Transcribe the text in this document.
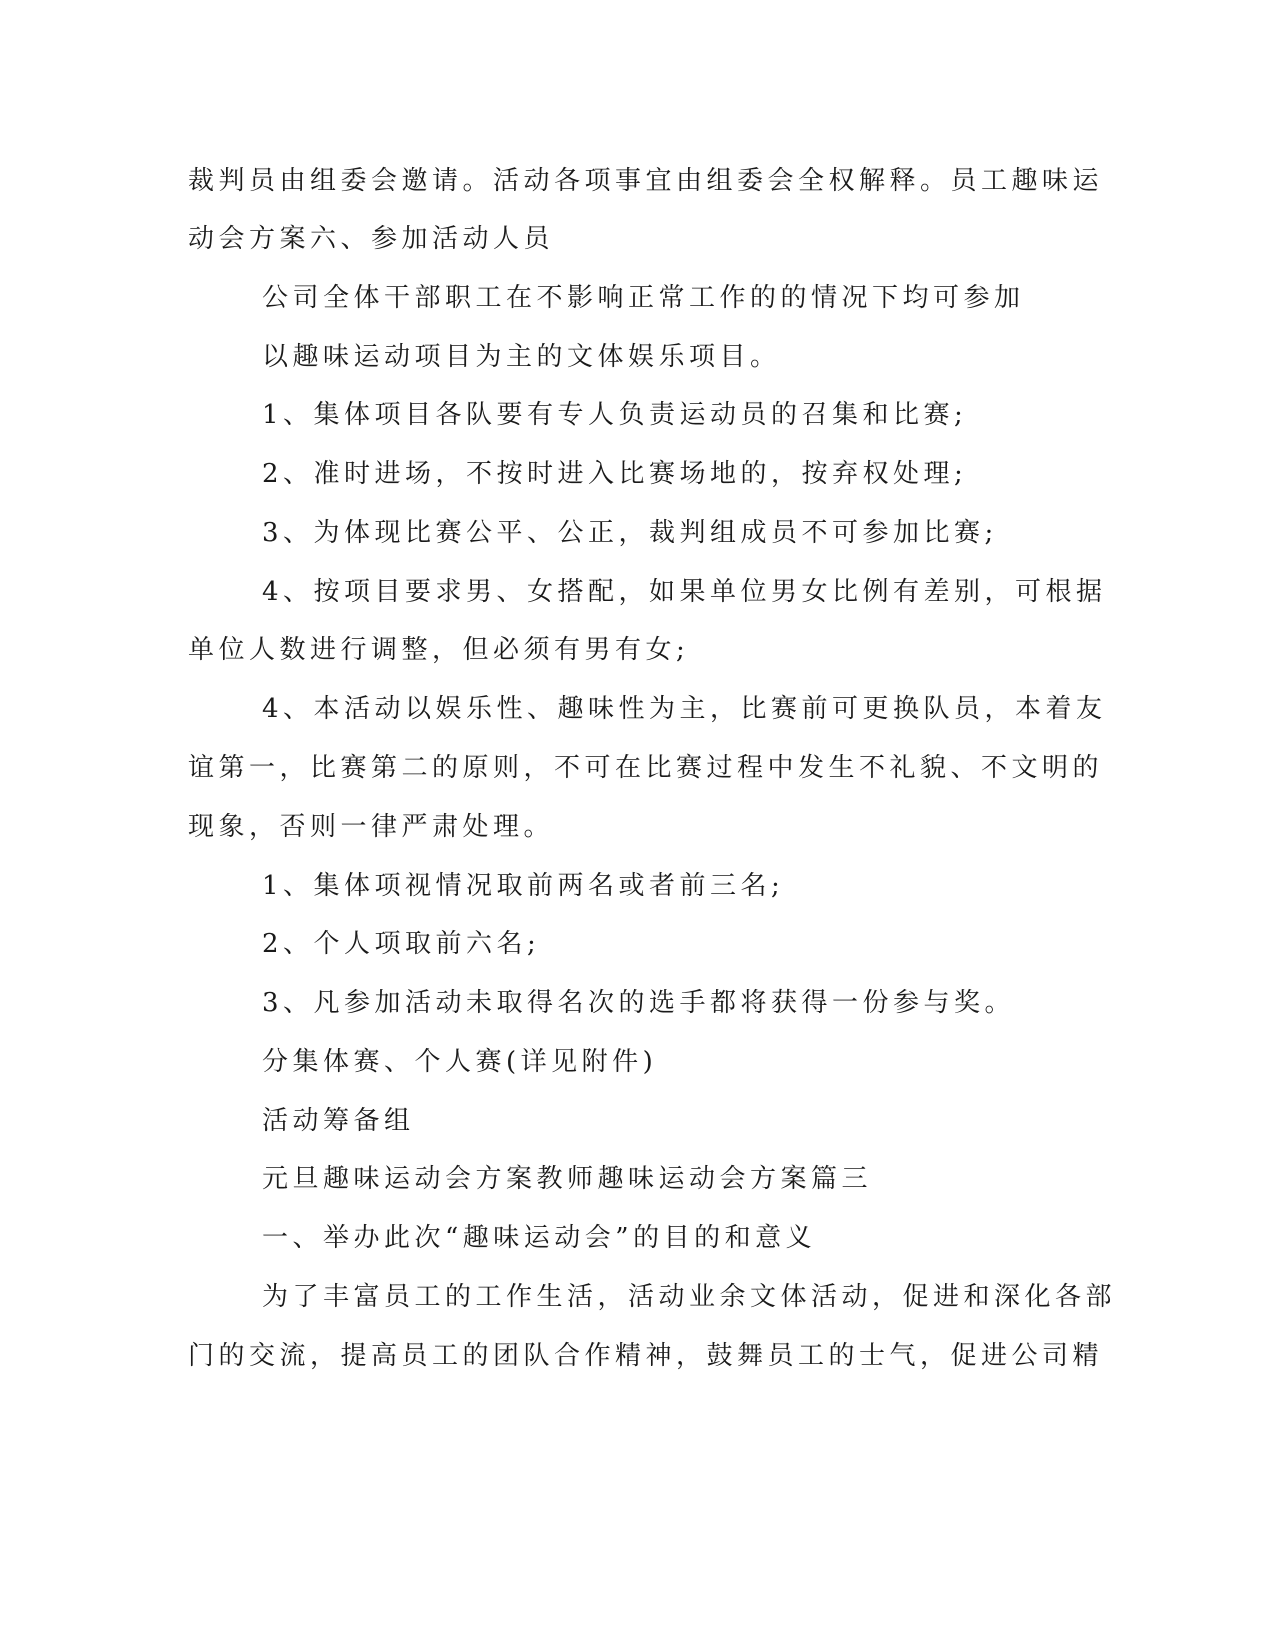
裁判员由组委会邀请。活动各项事宜由组委会全权解释。员工趣味运

动会方案六、参加活动人员

公司全体干部职工在不影响正常工作的的情况下均可参加

以趣味运动项目为主的文体娱乐项目。

1、集体项目各队要有专人负责运动员的召集和比赛;

2、准时进场，不按时进入比赛场地的，按弃权处理;

3、为体现比赛公平、公正，裁判组成员不可参加比赛;

4、按项目要求男、女搭配，如果单位男女比例有差别，可根据

单位人数进行调整，但必须有男有女;

4、本活动以娱乐性、趣味性为主，比赛前可更换队员，本着友

谊第一，比赛第二的原则，不可在比赛过程中发生不礼貌、不文明的

现象，否则一律严肃处理。

1、集体项视情况取前两名或者前三名;

2、个人项取前六名;

3、凡参加活动未取得名次的选手都将获得一份参与奖。

分集体赛、个人赛(详见附件)

活动筹备组

元旦趣味运动会方案教师趣味运动会方案篇三

一、举办此次“趣味运动会”的目的和意义

为了丰富员工的工作生活，活动业余文体活动，促进和深化各部

门的交流，提高员工的团队合作精神，鼓舞员工的士气，促进公司精
